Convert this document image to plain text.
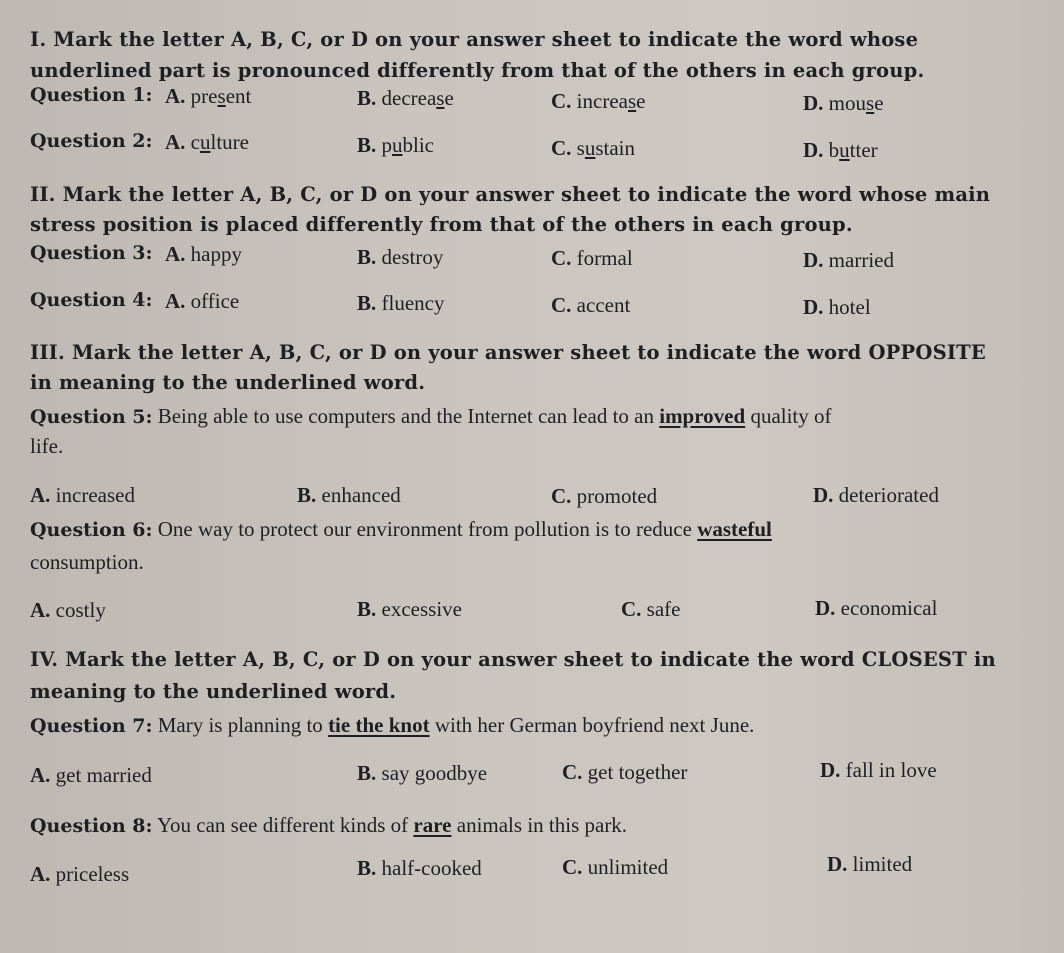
I. Mark the letter A, B, C, or D on your answer sheet to indicate the word whose
underlined part is pronounced differently from that of the others in each group.
Question 1: A. present	B. decrease	C. increase	D. mouse
Question 2: A. culture	B. public	C. sustain	D. butter
II. Mark the letter A, B, C, or D on your answer sheet to indicate the word whose main
stress position is placed differently from that of the others in each group.
Question 3: A. happy	B. destroy	C. formal	D. married
Question 4: A. office	B. fluency	C. accent	D. hotel
III. Mark the letter A, B, C, or D on your answer sheet to indicate the word OPPOSITE
in meaning to the underlined word.
Question 5: Being able to use computers and the Internet can lead to an improved quality of
life.
A. increased	B. enhanced	C. promoted	D. deteriorated
Question 6: One way to protect our environment from pollution is to reduce wasteful
consumption.
A. costly	B. excessive	C. safe	D. economical
IV. Mark the letter A, B, C, or D on your answer sheet to indicate the word CLOSEST in
meaning to the underlined word.
Question 7: Mary is planning to tie the knot with her German boyfriend next June.
A. get married	B. say goodbye	C. get together	D. fall in love
Question 8: You can see different kinds of rare animals in this park.
A. priceless	B. half-cooked	C. unlimited	D. limited
